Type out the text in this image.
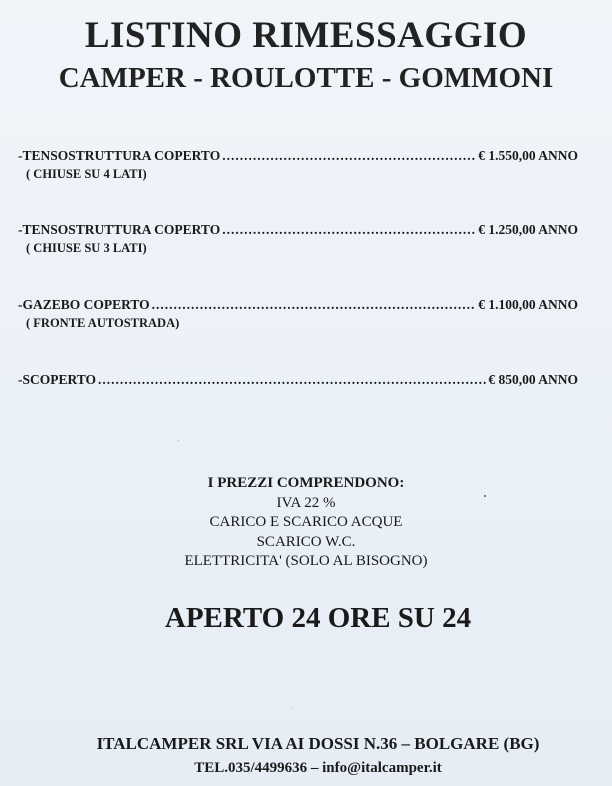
LISTINO RIMESSAGGIO
CAMPER - ROULOTTE - GOMMONI
-TENSOSTRUTTURA COPERTO .....	€ 1.550,00 ANNO
( CHIUSE SU 4 LATI)
-TENSOSTRUTTURA COPERTO .....	€ 1.250,00 ANNO
( CHIUSE SU 3 LATI)
-GAZEBO COPERTO .....	€ 1.100,00 ANNO
( FRONTE AUTOSTRADA)
-SCOPERTO .....	€ 850,00 ANNO
I PREZZI COMPRENDONO:
IVA 22 %
CARICO E SCARICO ACQUE
SCARICO W.C.
ELETTRICITA' (SOLO AL BISOGNO)
APERTO 24 ORE SU 24
ITALCAMPER SRL VIA AI DOSSI N.36 – BOLGARE (BG)
TEL.035/4499636 – info@italcamper.it
